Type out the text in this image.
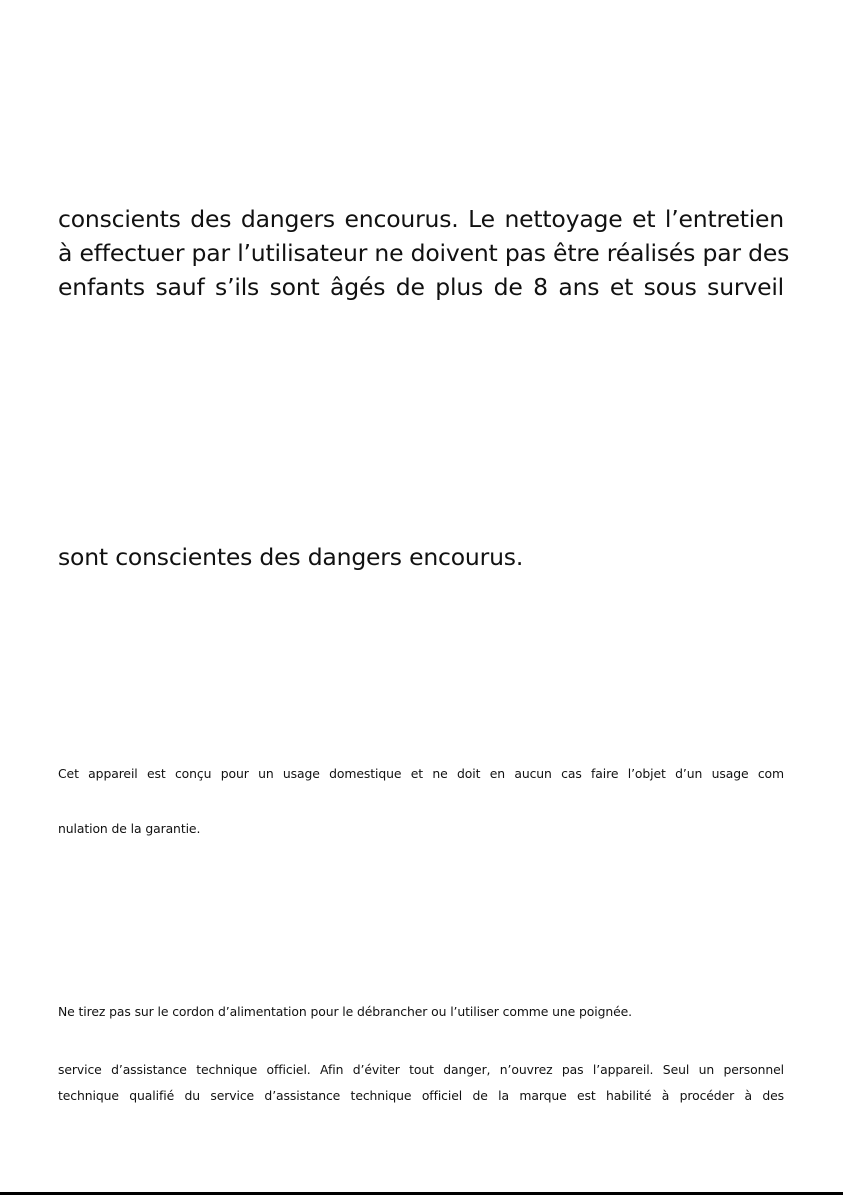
conscients des dangers encourus. Le nettoyage et l’entretien
à effectuer par l’utilisateur ne doivent pas être réalisés par des
enfants sauf s’ils sont âgés de plus de 8 ans et sous surveil
sont conscientes des dangers encourus.
Cet appareil est conçu pour un usage domestique et ne doit en aucun cas faire l’objet d’un usage com
nulation de la garantie.
Ne tirez pas sur le cordon d’alimentation pour le débrancher ou l’utiliser comme une poignée.
service d’assistance technique officiel. Afin d’éviter tout danger, n’ouvrez pas l’appareil. Seul un personnel
technique qualifié du service d’assistance technique officiel de la marque est habilité à procéder à des
